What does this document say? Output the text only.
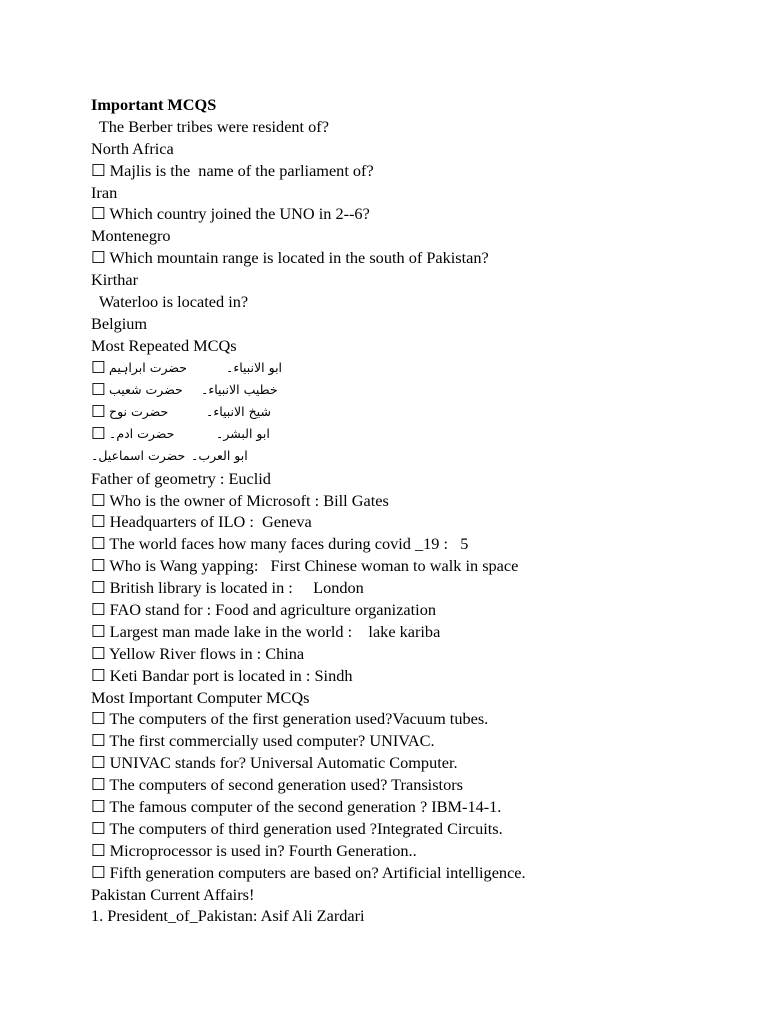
Important MCQS
The Berber tribes were resident of?
North Africa
☐ Majlis is the  name of the parliament of?
Iran
☐ Which country joined the UNO in 2--6?
Montenegro
☐ Which mountain range is located in the south of Pakistan?
Kirthar
Waterloo is located in?
Belgium
Most Repeated MCQs
☐ حضرت ابراہیم	ابو الانبیاء۔
☐ حضرت شعیب خطیب الانبیاء۔
☐ حضرت نوح	شیخ الانبیاء۔
☐ حضرت ادم۔	ابو البشر۔
حضرت اسماعیل۔ ابو العرب۔
Father of geometry : Euclid
☐ Who is the owner of Microsoft : Bill Gates
☐ Headquarters of ILO :  Geneva
☐ The world faces how many faces during covid _19 :   5
☐ Who is Wang yapping:   First Chinese woman to walk in space
☐ British library is located in :     London
☐ FAO stand for : Food and agriculture organization
☐ Largest man made lake in the world :    lake kariba
☐ Yellow River flows in : China
☐ Keti Bandar port is located in : Sindh
Most Important Computer MCQs
☐ The computers of the first generation used?Vacuum tubes.
☐ The first commercially used computer? UNIVAC.
☐ UNIVAC stands for? Universal Automatic Computer.
☐ The computers of second generation used? Transistors
☐ The famous computer of the second generation ? IBM-14-1.
☐ The computers of third generation used ?Integrated Circuits.
☐ Microprocessor is used in? Fourth Generation..
☐ Fifth generation computers are based on? Artificial intelligence.
Pakistan Current Affairs!
1. President_of_Pakistan: Asif Ali Zardari
